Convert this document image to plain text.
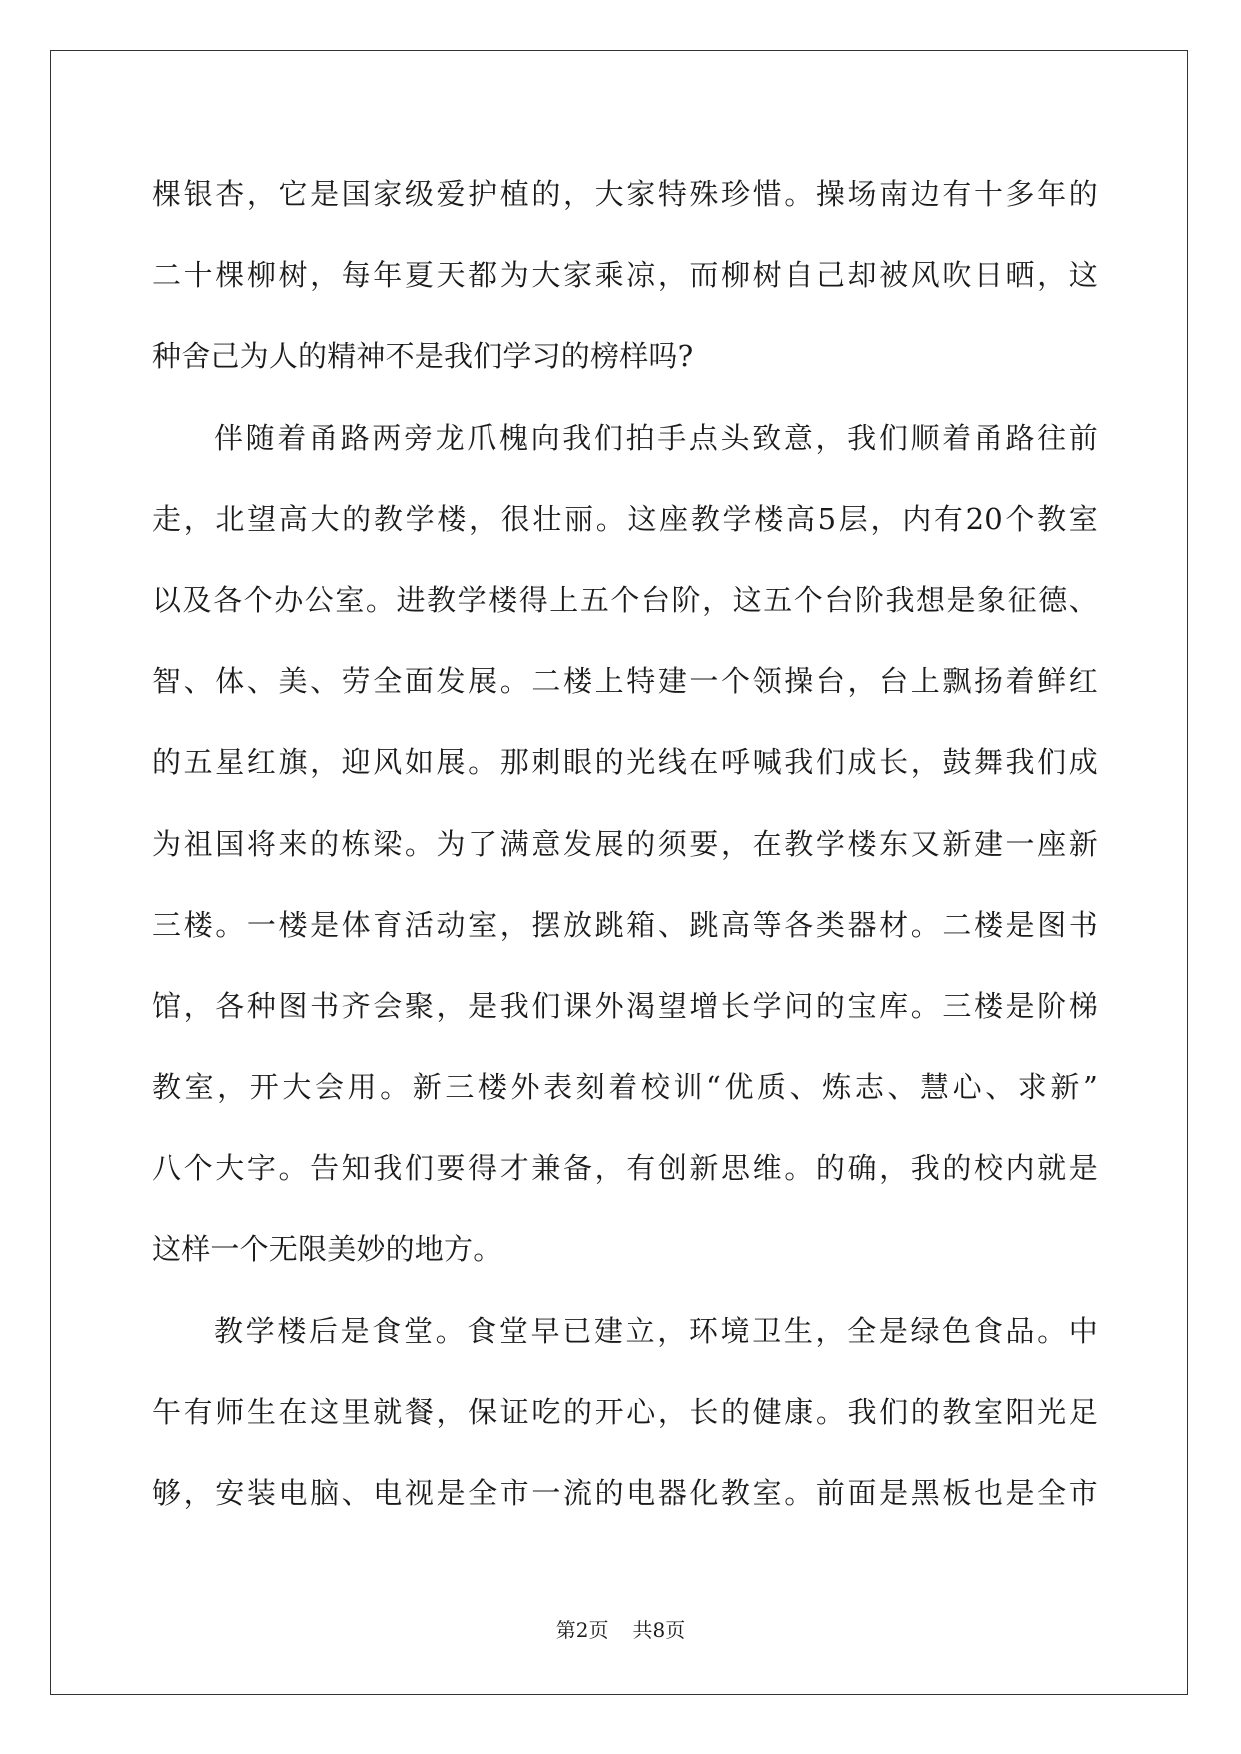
棵银杏，它是国家级爱护植的，大家特殊珍惜。操场南边有十多年的
二十棵柳树，每年夏天都为大家乘凉，而柳树自己却被风吹日晒，这
种舍己为人的精神不是我们学习的榜样吗?
伴随着甬路两旁龙爪槐向我们拍手点头致意，我们顺着甬路往前
走，北望高大的教学楼，很壮丽。这座教学楼高5层，内有20个教室
以及各个办公室。进教学楼得上五个台阶，这五个台阶我想是象征德、
智、体、美、劳全面发展。二楼上特建一个领操台，台上飘扬着鲜红
的五星红旗，迎风如展。那刺眼的光线在呼喊我们成长，鼓舞我们成
为祖国将来的栋梁。为了满意发展的须要，在教学楼东又新建一座新
三楼。一楼是体育活动室，摆放跳箱、跳高等各类器材。二楼是图书
馆，各种图书齐会聚，是我们课外渴望增长学问的宝库。三楼是阶梯
教室，开大会用。新三楼外表刻着校训“优质、炼志、慧心、求新”
八个大字。告知我们要得才兼备，有创新思维。的确，我的校内就是
这样一个无限美妙的地方。
教学楼后是食堂。食堂早已建立，环境卫生，全是绿色食品。中
午有师生在这里就餐，保证吃的开心，长的健康。我们的教室阳光足
够，安装电脑、电视是全市一流的电器化教室。前面是黑板也是全市
第2页 共8页
